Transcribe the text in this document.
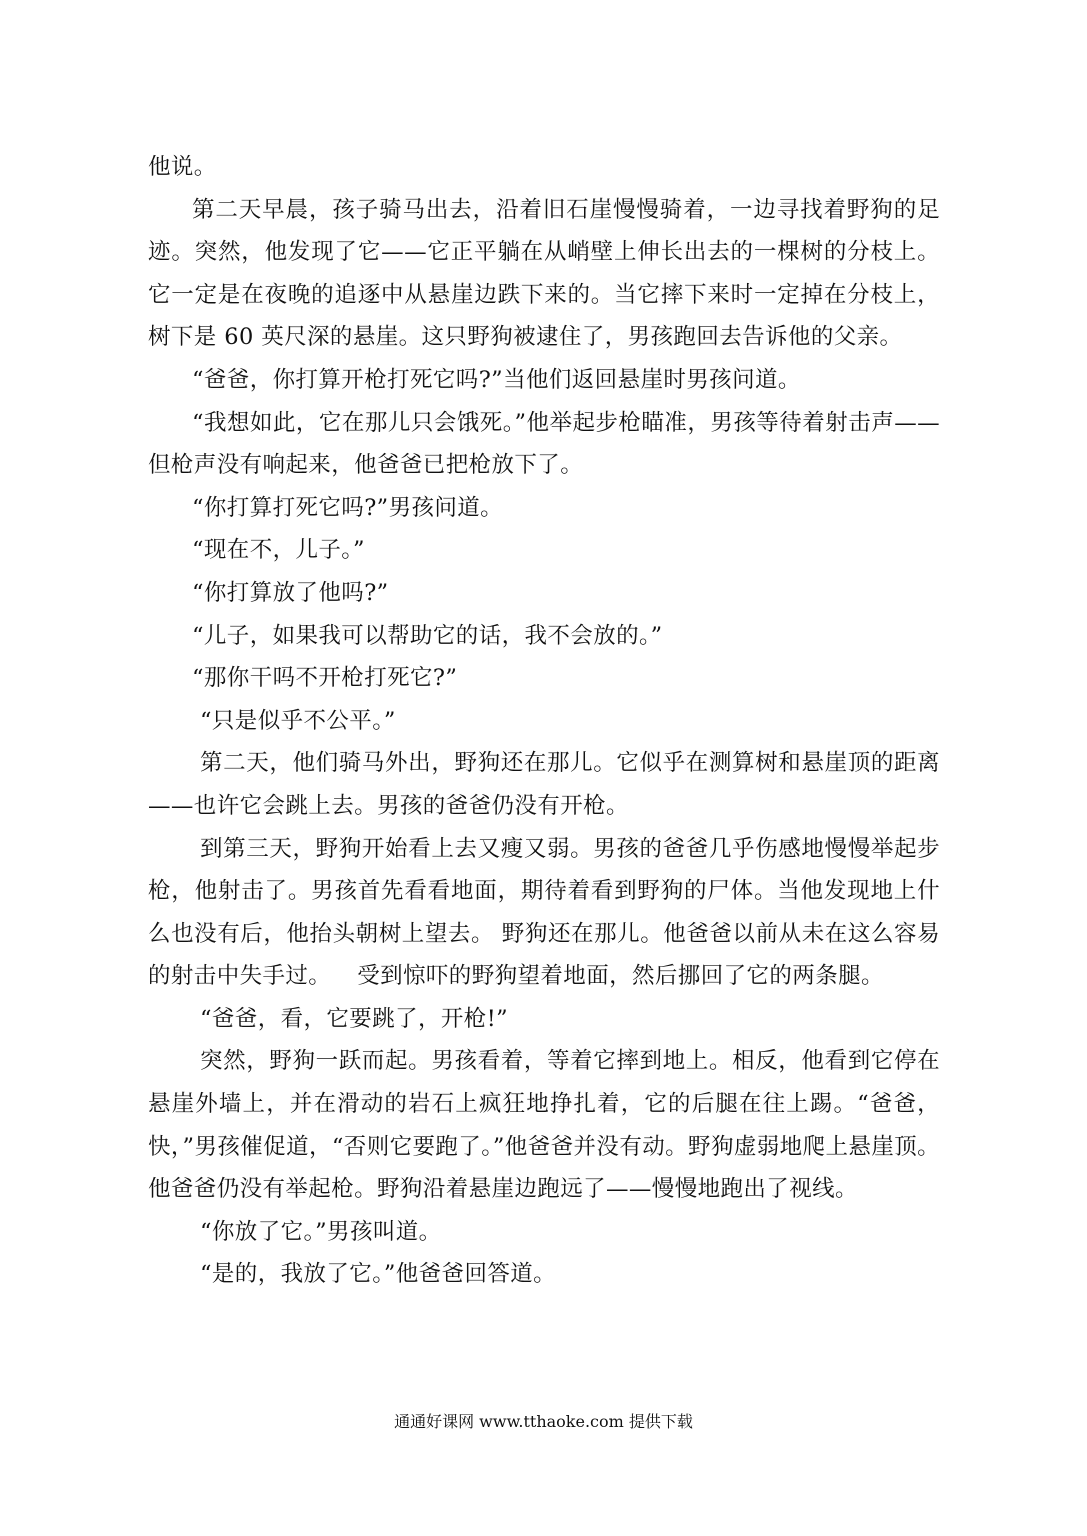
他说。

第二天早晨，孩子骑马出去，沿着旧石崖慢慢骑着，一边寻找着野狗的足迹。突然，他发现了它——它正平躺在从峭壁上伸长出去的一棵树的分枝上。它一定是在夜晚的追逐中从悬崖边跌下来的。当它摔下来时一定掉在分枝上，树下是 60 英尺深的悬崖。这只野狗被逮住了，男孩跑回去告诉他的父亲。

“爸爸，你打算开枪打死它吗?”当他们返回悬崖时男孩问道。

“我想如此，它在那儿只会饿死。”他举起步枪瞄准，男孩等待着射击声——但枪声没有响起来，他爸爸已把枪放下了。

“你打算打死它吗?”男孩问道。

“现在不，儿子。”

“你打算放了他吗?”

“儿子，如果我可以帮助它的话，我不会放的。”

“那你干吗不开枪打死它?”

“只是似乎不公平。”

第二天，他们骑马外出，野狗还在那儿。它似乎在测算树和悬崖顶的距离——也许它会跳上去。男孩的爸爸仍没有开枪。

到第三天，野狗开始看上去又瘦又弱。男孩的爸爸几乎伤感地慢慢举起步枪，他射击了。男孩首先看看地面，期待着看到野狗的尸体。当他发现地上什么也没有后，他抬头朝树上望去。 野狗还在那儿。他爸爸以前从未在这么容易的射击中失手过。 受到惊吓的野狗望着地面，然后挪回了它的两条腿。

“爸爸，看，它要跳了，开枪!”

突然，野狗一跃而起。男孩看着，等着它摔到地上。相反，他看到它停在悬崖外墙上，并在滑动的岩石上疯狂地挣扎着，它的后腿在往上踢。“爸爸，快，”男孩催促道，“否则它要跑了。”他爸爸并没有动。野狗虚弱地爬上悬崖顶。他爸爸仍没有举起枪。野狗沿着悬崖边跑远了——慢慢地跑出了视线。

“你放了它。”男孩叫道。

“是的，我放了它。”他爸爸回答道。

通通好课网 www.tthaoke.com 提供下载
